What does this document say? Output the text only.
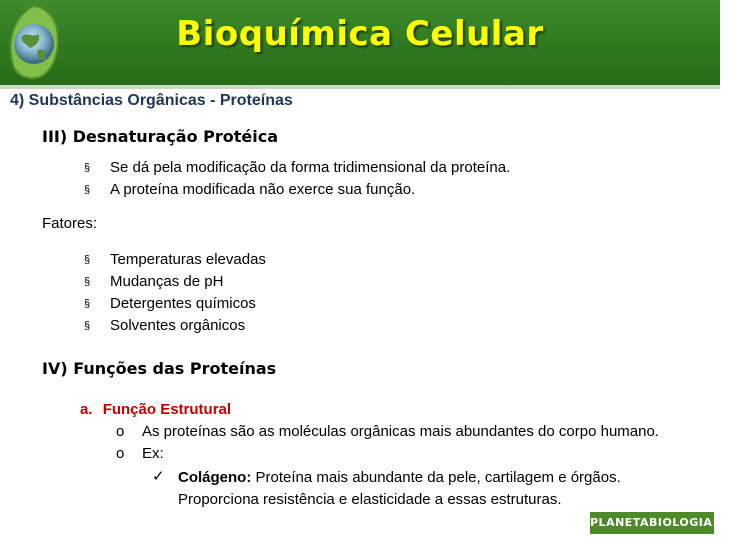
Bioquímica Celular
4) Substâncias Orgânicas - Proteínas
III) Desnaturação Protéica
§ Se dá pela modificação da forma tridimensional da proteína.
§ A proteína modificada não exerce sua função.
Fatores:
§ Temperaturas elevadas
§ Mudanças de pH
§ Detergentes químicos
§ Solventes orgânicos
IV) Funções das Proteínas
a. Função Estrutural
o As proteínas são as moléculas orgânicas mais abundantes do corpo humano.
o Ex:
✓ Colágeno: Proteína mais abundante da pele, cartilagem e órgãos.
Proporciona resistência e elasticidade a essas estruturas.
PLANETABIOLOGIA.COM
